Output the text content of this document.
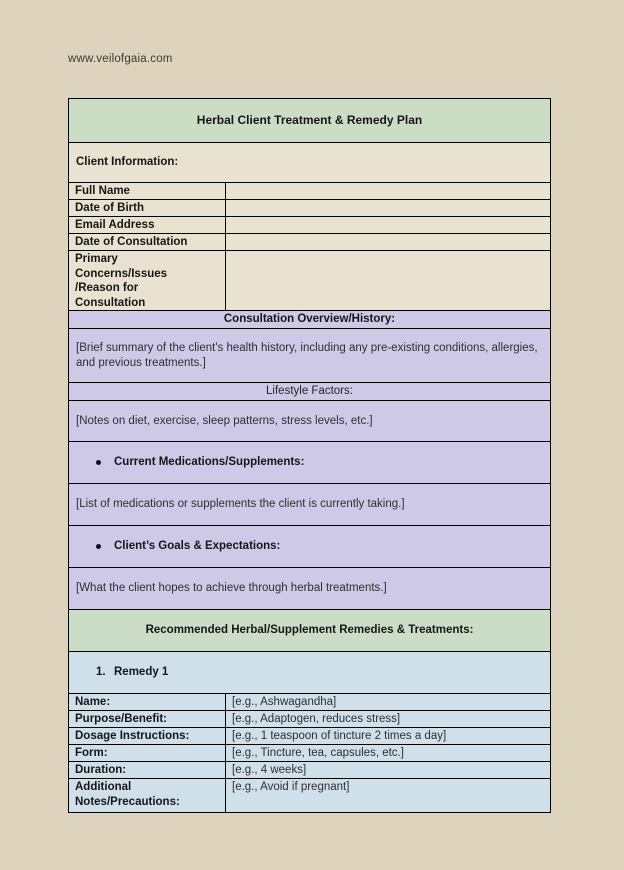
www.veilofgaia.com
Herbal Client Treatment & Remedy Plan
Client Information:
Full Name
Date of Birth
Email Address
Date of Consultation
Primary Concerns/Issues /Reason for Consultation
Consultation Overview/History:
[Brief summary of the client's health history, including any pre-existing conditions, allergies, and previous treatments.]
Lifestyle Factors:
[Notes on diet, exercise, sleep patterns, stress levels, etc.]
Current Medications/Supplements:
[List of medications or supplements the client is currently taking.]
Client’s Goals & Expectations:
[What the client hopes to achieve through herbal treatments.]
Recommended Herbal/Supplement Remedies & Treatments:
1. Remedy 1
Name:	[e.g., Ashwagandha]
Purpose/Benefit:	[e.g., Adaptogen, reduces stress]
Dosage Instructions:	[e.g., 1 teaspoon of tincture 2 times a day]
Form:	[e.g., Tincture, tea, capsules, etc.]
Duration:	[e.g., 4 weeks]
Additional Notes/Precautions:
[e.g., Avoid if pregnant]
